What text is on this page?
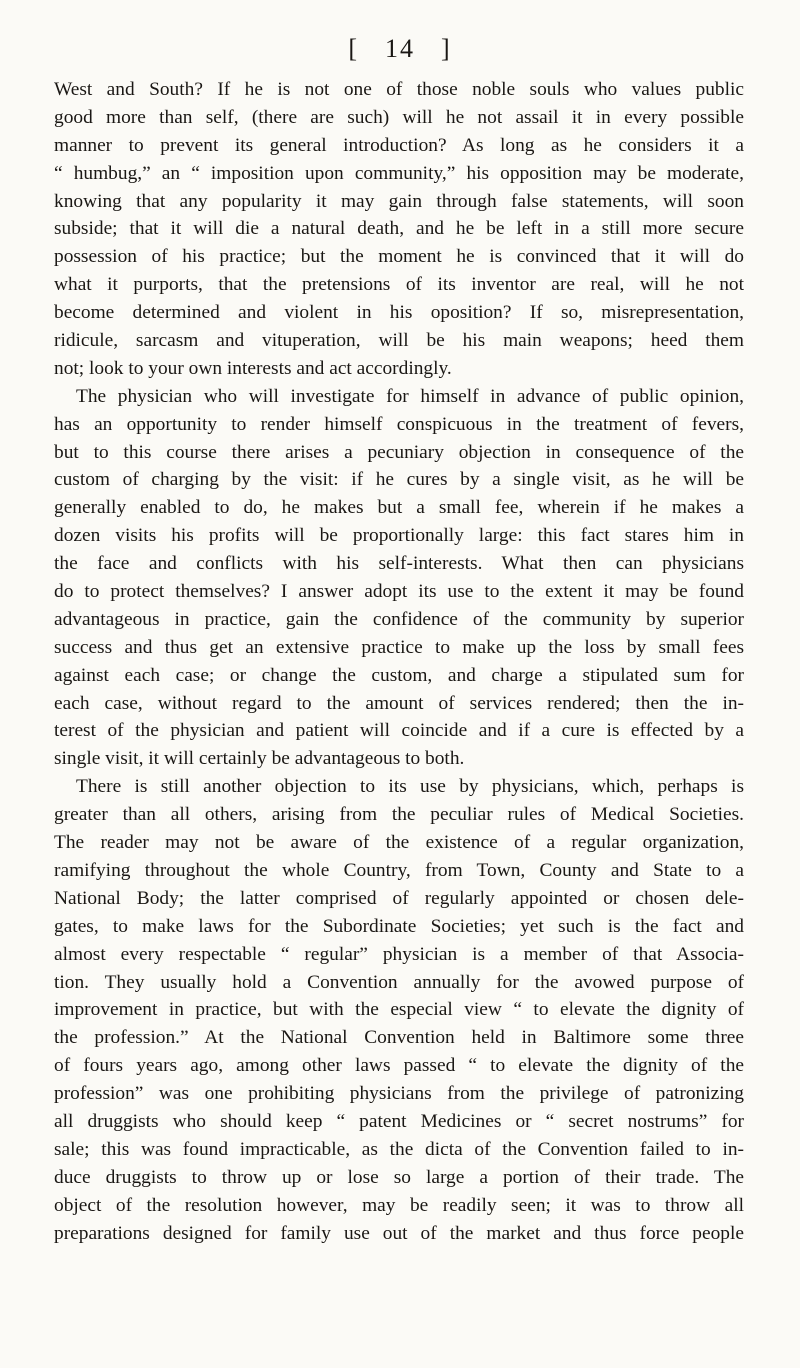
[ 14 ]
West and South? If he is not one of those noble souls who values public
good more than self, (there are such) will he not assail it in every possible
manner to prevent its general introduction? As long as he considers it a
“ humbug,” an “ imposition upon community,” his opposition may be moderate,
knowing that any popularity it may gain through false statements, will soon
subside; that it will die a natural death, and he be left in a still more secure
possession of his practice; but the moment he is convinced that it will do
what it purports, that the pretensions of its inventor are real, will he not
become determined and violent in his oposition? If so, misrepresentation,
ridicule, sarcasm and vituperation, will be his main weapons; heed them
not; look to your own interests and act accordingly.
The physician who will investigate for himself in advance of public opinion,
has an opportunity to render himself conspicuous in the treatment of fevers,
but to this course there arises a pecuniary objection in consequence of the
custom of charging by the visit: if he cures by a single visit, as he will be
generally enabled to do, he makes but a small fee, wherein if he makes a
dozen visits his profits will be proportionally large: this fact stares him in
the face and conflicts with his self-interests. What then can physicians
do to protect themselves? I answer adopt its use to the extent it may be found
advantageous in practice, gain the confidence of the community by superior
success and thus get an extensive practice to make up the loss by small fees
against each case; or change the custom, and charge a stipulated sum for
each case, without regard to the amount of services rendered; then the in-
terest of the physician and patient will coincide and if a cure is effected by a
single visit, it will certainly be advantageous to both.
There is still another objection to its use by physicians, which, perhaps is
greater than all others, arising from the peculiar rules of Medical Societies.
The reader may not be aware of the existence of a regular organization,
ramifying throughout the whole Country, from Town, County and State to a
National Body; the latter comprised of regularly appointed or chosen dele-
gates, to make laws for the Subordinate Societies; yet such is the fact and
almost every respectable “ regular” physician is a member of that Associa-
tion. They usually hold a Convention annually for the avowed purpose of
improvement in practice, but with the especial view “ to elevate the dignity of
the profession.” At the National Convention held in Baltimore some three
of fours years ago, among other laws passed “ to elevate the dignity of the
profession” was one prohibiting physicians from the privilege of patronizing
all druggists who should keep “ patent Medicines or “ secret nostrums” for
sale; this was found impracticable, as the dicta of the Convention failed to in-
duce druggists to throw up or lose so large a portion of their trade. The
object of the resolution however, may be readily seen; it was to throw all
preparations designed for family use out of the market and thus force people
